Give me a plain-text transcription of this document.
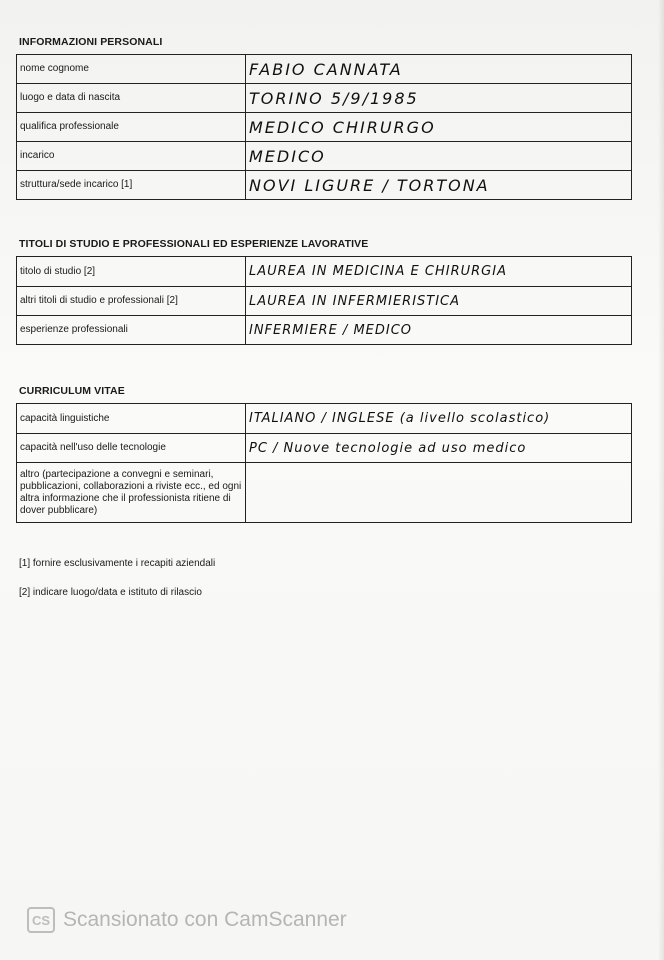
INFORMAZIONI PERSONALI
nome cognome	FABIO CANNATA
luogo e data di nascita	TORINO 5/9/1985
qualifica professionale	MEDICO CHIRURGO
incarico	MEDICO
struttura/sede incarico [1]	NOVI LIGURE / TORTONA
TITOLI DI STUDIO E PROFESSIONALI ED ESPERIENZE LAVORATIVE
titolo di studio [2]	LAUREA IN MEDICINA E CHIRURGIA
altri titoli di studio e professionali [2]	LAUREA IN INFERMIERISTICA
esperienze professionali	INFERMIERE / MEDICO
CURRICULUM VITAE
capacità linguistiche	ITALIANO / INGLESE (a livello scolastico)
capacità nell'uso delle tecnologie	PC / Nuove tecnologie ad uso medico
altro (partecipazione a convegni e seminari, pubblicazioni, collaborazioni a riviste ecc., ed ogni altra informazione che il professionista ritiene di dover pubblicare)	
[1] fornire esclusivamente i recapiti aziendali
[2] indicare luogo/data e istituto di rilascio
CS Scansionato con CamScanner
